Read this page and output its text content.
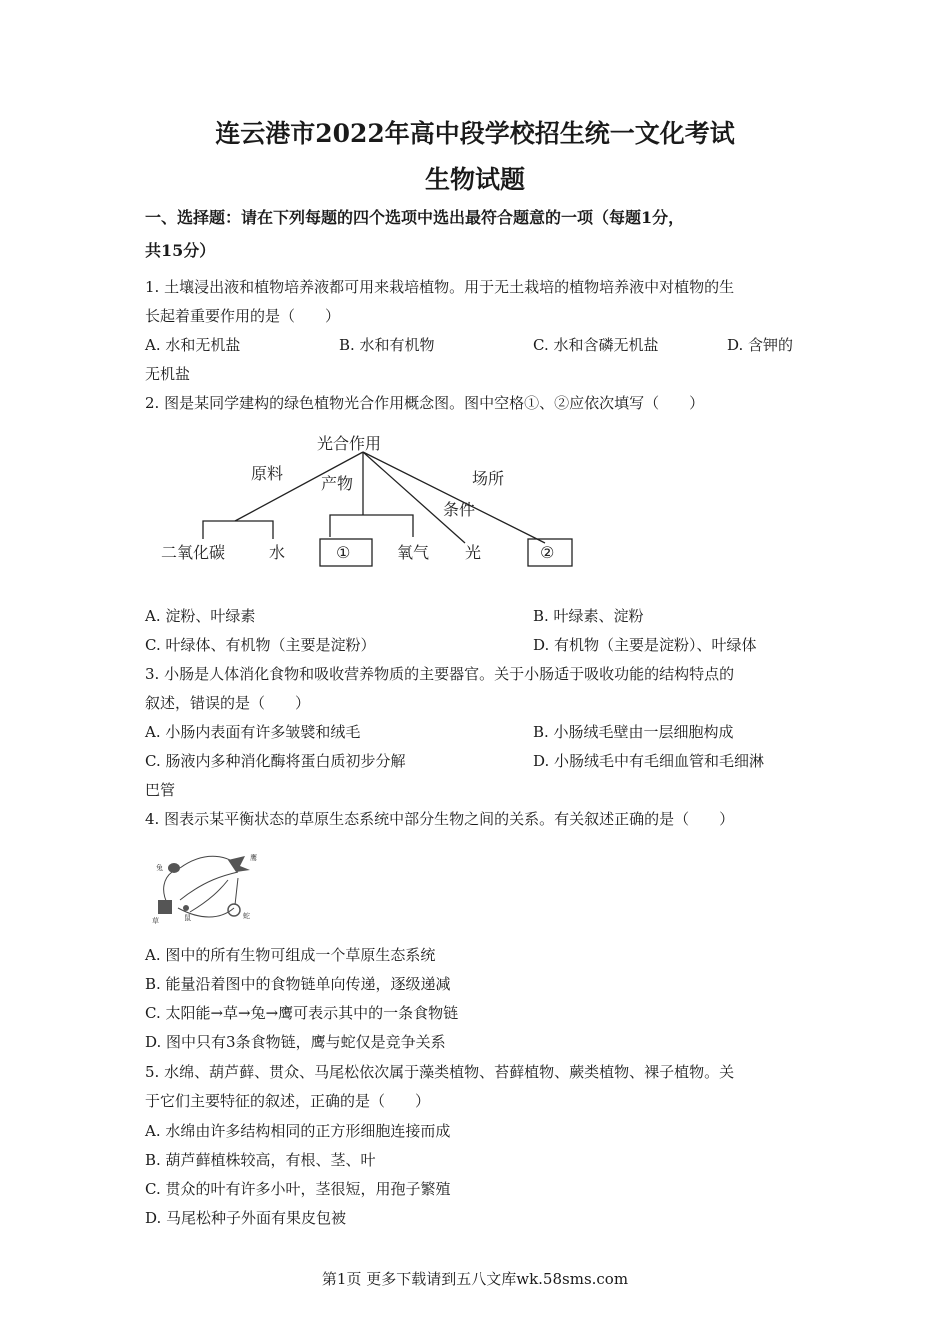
连云港市2022年高中段学校招生统一文化考试
生物试题
一、选择题：请在下列每题的四个选项中选出最符合题意的一项（每题1分，
共15分）
1. 土壤浸出液和植物培养液都可用来栽培植物。用于无土栽培的植物培养液中对植物的生
长起着重要作用的是（　　）
A. 水和无机盐	B. 水和有机物	C. 水和含磷无机盐	D. 含钾的
无机盐
2. 图是某同学建构的绿色植物光合作用概念图。图中空格①、②应依次填写（　　）
光合作用
原料
产物
条件
场所
二氧化碳	水	①	氧气 光	②
A. 淀粉、叶绿素	B. 叶绿素、淀粉
C. 叶绿体、有机物（主要是淀粉）	D. 有机物（主要是淀粉）、叶绿体
3. 小肠是人体消化食物和吸收营养物质的主要器官。关于小肠适于吸收功能的结构特点的
叙述，错误的是（　　）
A. 小肠内表面有许多皱襞和绒毛	B. 小肠绒毛壁由一层细胞构成
C. 肠液内多种消化酶将蛋白质初步分解	D. 小肠绒毛中有毛细血管和毛细淋
巴管
4. 图表示某平衡状态的草原生态系统中部分生物之间的关系。有关叙述正确的是（　　）
兔
鹰
草	鼠	蛇
A. 图中的所有生物可组成一个草原生态系统
B. 能量沿着图中的食物链单向传递，逐级递减
C. 太阳能→草→兔→鹰可表示其中的一条食物链
D. 图中只有3条食物链，鹰与蛇仅是竞争关系
5. 水绵、葫芦藓、贯众、马尾松依次属于藻类植物、苔藓植物、蕨类植物、裸子植物。关
于它们主要特征的叙述，正确的是（　　）
A. 水绵由许多结构相同的正方形细胞连接而成
B. 葫芦藓植株较高，有根、茎、叶
C. 贯众的叶有许多小叶，茎很短，用孢子繁殖
D. 马尾松种子外面有果皮包被
第1页 更多下载请到五八文库wk.58sms.com
